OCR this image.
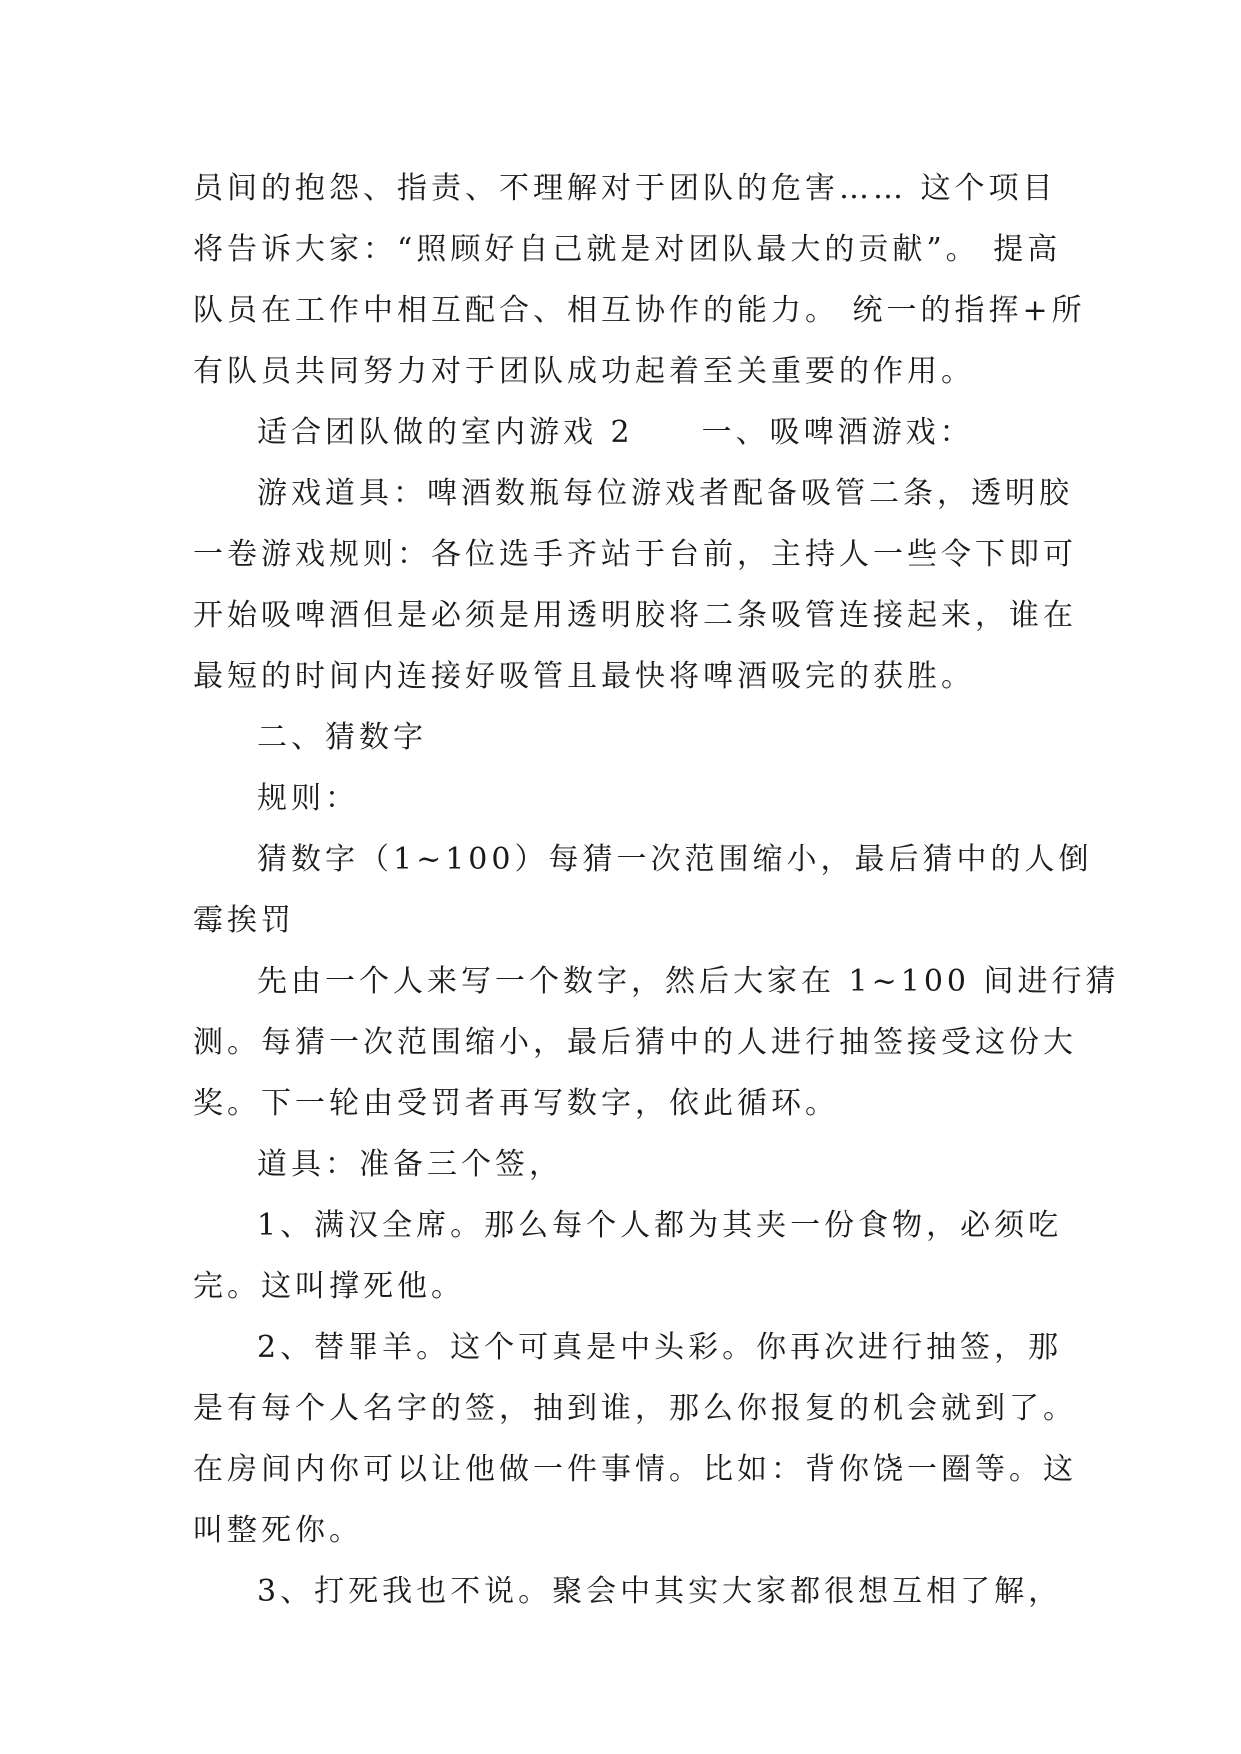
员间的抱怨、指责、不理解对于团队的危害…… 这个项目
将告诉大家：“照顾好自己就是对团队最大的贡献”。 提高
队员在工作中相互配合、相互协作的能力。 统一的指挥+所
有队员共同努力对于团队成功起着至关重要的作用。
适合团队做的室内游戏 2　　一、吸啤酒游戏：
游戏道具：啤酒数瓶每位游戏者配备吸管二条，透明胶
一卷游戏规则：各位选手齐站于台前，主持人一些令下即可
开始吸啤酒但是必须是用透明胶将二条吸管连接起来，谁在
最短的时间内连接好吸管且最快将啤酒吸完的获胜。
二、猜数字
规则：
猜数字（1~100）每猜一次范围缩小，最后猜中的人倒
霉挨罚
先由一个人来写一个数字，然后大家在 1~100 间进行猜
测。每猜一次范围缩小，最后猜中的人进行抽签接受这份大
奖。下一轮由受罚者再写数字，依此循环。
道具：准备三个签，
1、满汉全席。那么每个人都为其夹一份食物，必须吃
完。这叫撑死他。
2、替罪羊。这个可真是中头彩。你再次进行抽签，那
是有每个人名字的签，抽到谁，那么你报复的机会就到了。
在房间内你可以让他做一件事情。比如：背你饶一圈等。这
叫整死你。
3、打死我也不说。聚会中其实大家都很想互相了解，
